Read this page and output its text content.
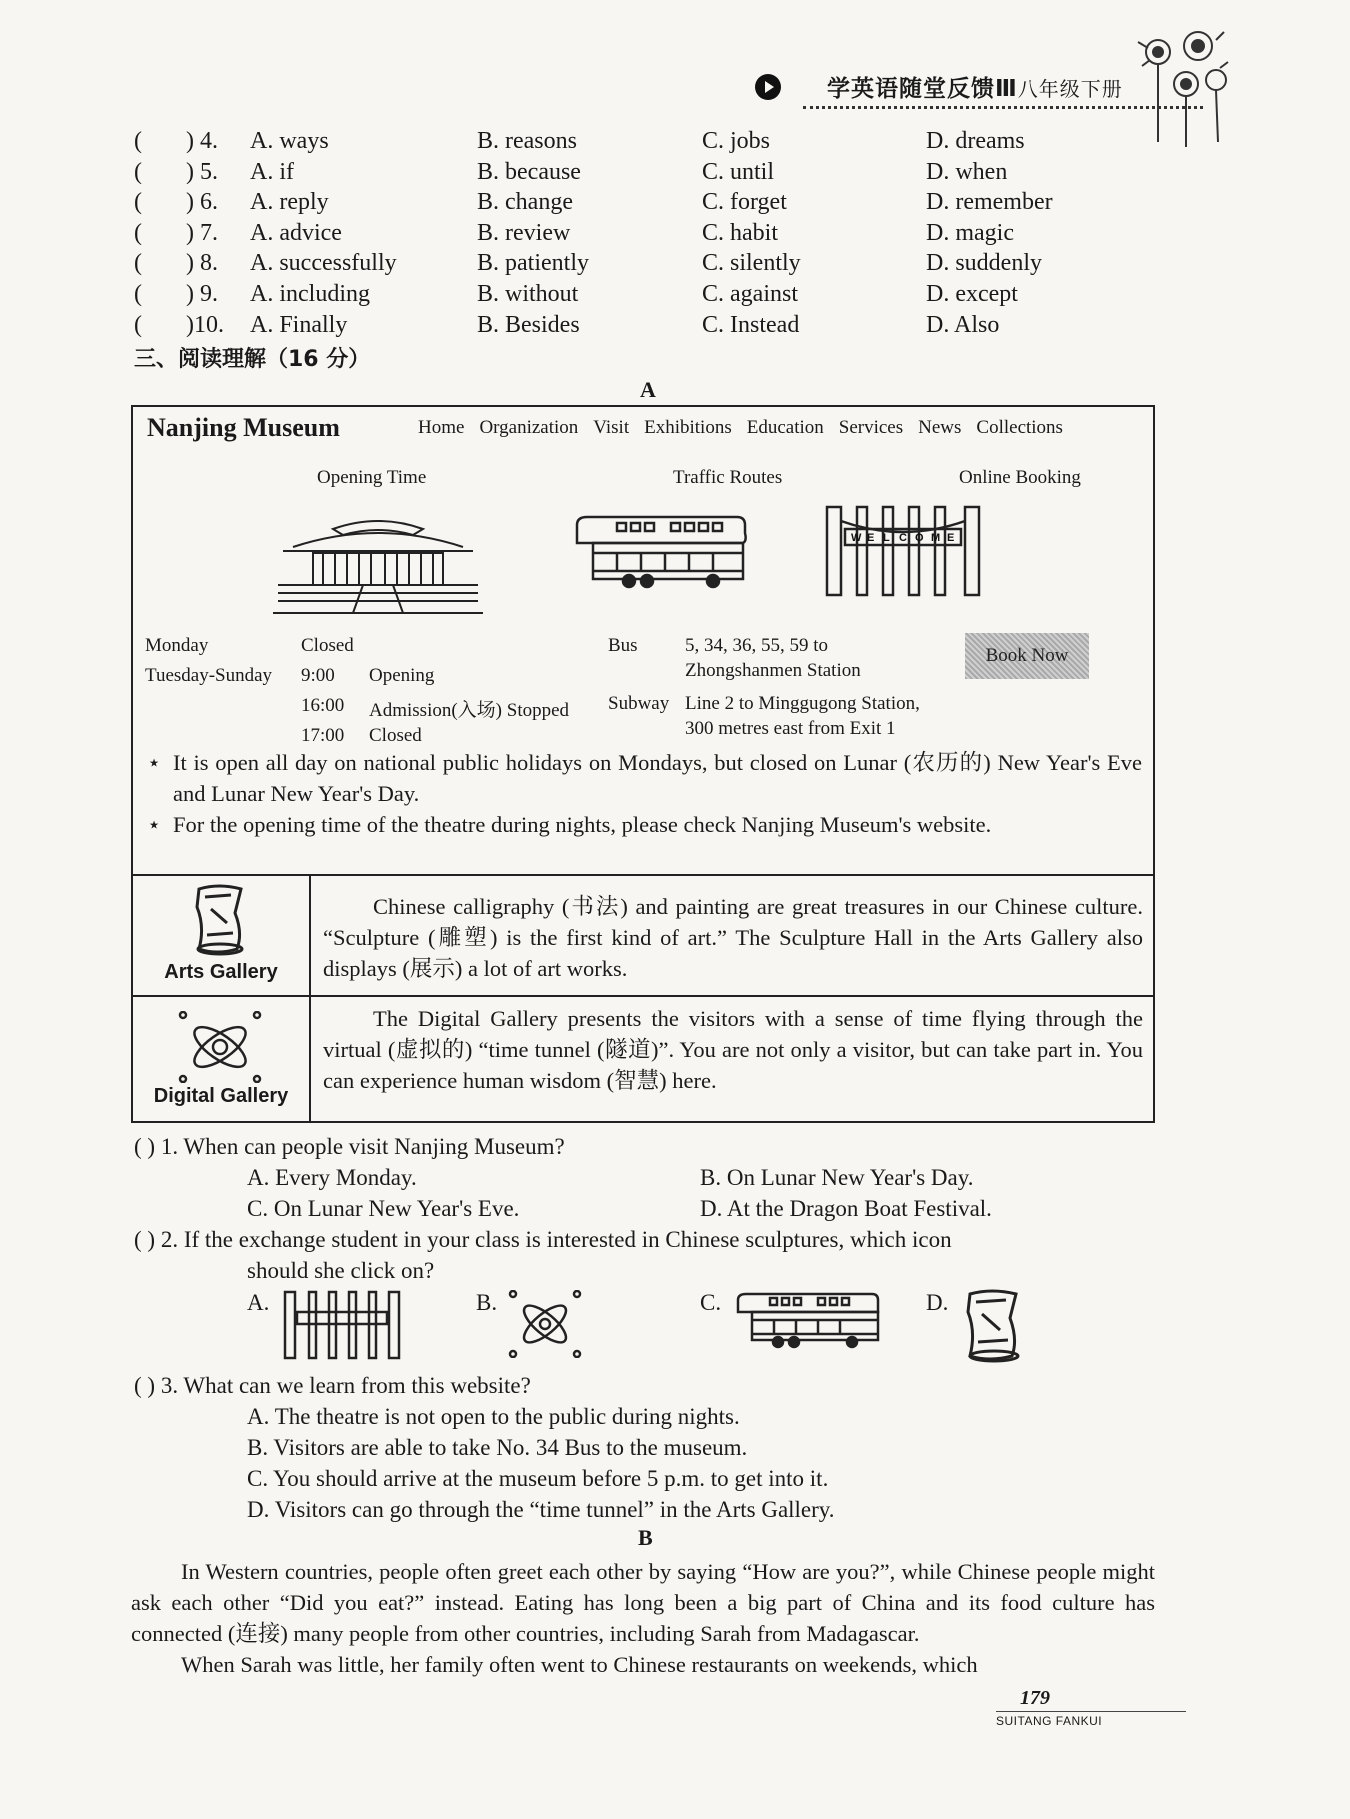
学英语随堂反馈Ⅲ八年级下册
( ) 4. A. ways	B. reasons	C. jobs	D. dreams
( ) 5. A. if	B. because	C. until	D. when
( ) 6. A. reply	B. change	C. forget	D. remember
( ) 7. A. advice	B. review	C. habit	D. magic
( ) 8. A. successfully	B. patiently	C. silently	D. suddenly
( ) 9. A. including	B. without	C. against	D. except
( )10. A. Finally	B. Besides	C. Instead	D. Also
三、阅读理解（16 分）
A
Nanjing Museum	Home Organization Visit Exhibitions Education Services News Collections
Opening Time	Traffic Routes	Online Booking
W E L C O M E
Monday	Closed
Tuesday-Sunday 9:00 Opening
16:00 Admission(入场) Stopped
17:00 Closed
Bus 5, 34, 36, 55, 59 to
Zhongshanmen Station
Subway Line 2 to Minggugong Station,
300 metres east from Exit 1
Book Now
⋆ It is open all day on national public holidays on Mondays, but closed on Lunar (农历的) New Year's Eve and Lunar New Year's Day.
⋆ For the opening time of the theatre during nights, please check Nanjing Museum's website.
Arts Gallery
Chinese calligraphy (书法) and painting are great treasures in our Chinese culture. “Sculpture (雕塑) is the first kind of art.” The Sculpture Hall in the Arts Gallery also displays (展示) a lot of art works.
Digital Gallery
The Digital Gallery presents the visitors with a sense of time flying through the virtual (虚拟的) “time tunnel (隧道)”. You are not only a visitor, but can take part in. You can experience human wisdom (智慧) here.
( ) 1. When can people visit Nanjing Museum?
A. Every Monday.	B. On Lunar New Year's Day.
C. On Lunar New Year's Eve.	D. At the Dragon Boat Festival.
( ) 2. If the exchange student in your class is interested in Chinese sculptures, which icon
should she click on?
A.	B.	C.	D.
( ) 3. What can we learn from this website?
A. The theatre is not open to the public during nights.
B. Visitors are able to take No. 34 Bus to the museum.
C. You should arrive at the museum before 5 p.m. to get into it.
D. Visitors can go through the “time tunnel” in the Arts Gallery.
B
In Western countries, people often greet each other by saying “How are you?”, while Chinese people might ask each other “Did you eat?” instead. Eating has long been a big part of China and its food culture has connected (连接) many people from other countries, including Sarah from Madagascar.
When Sarah was little, her family often went to Chinese restaurants on weekends, which
179
SUITANG FANKUI
